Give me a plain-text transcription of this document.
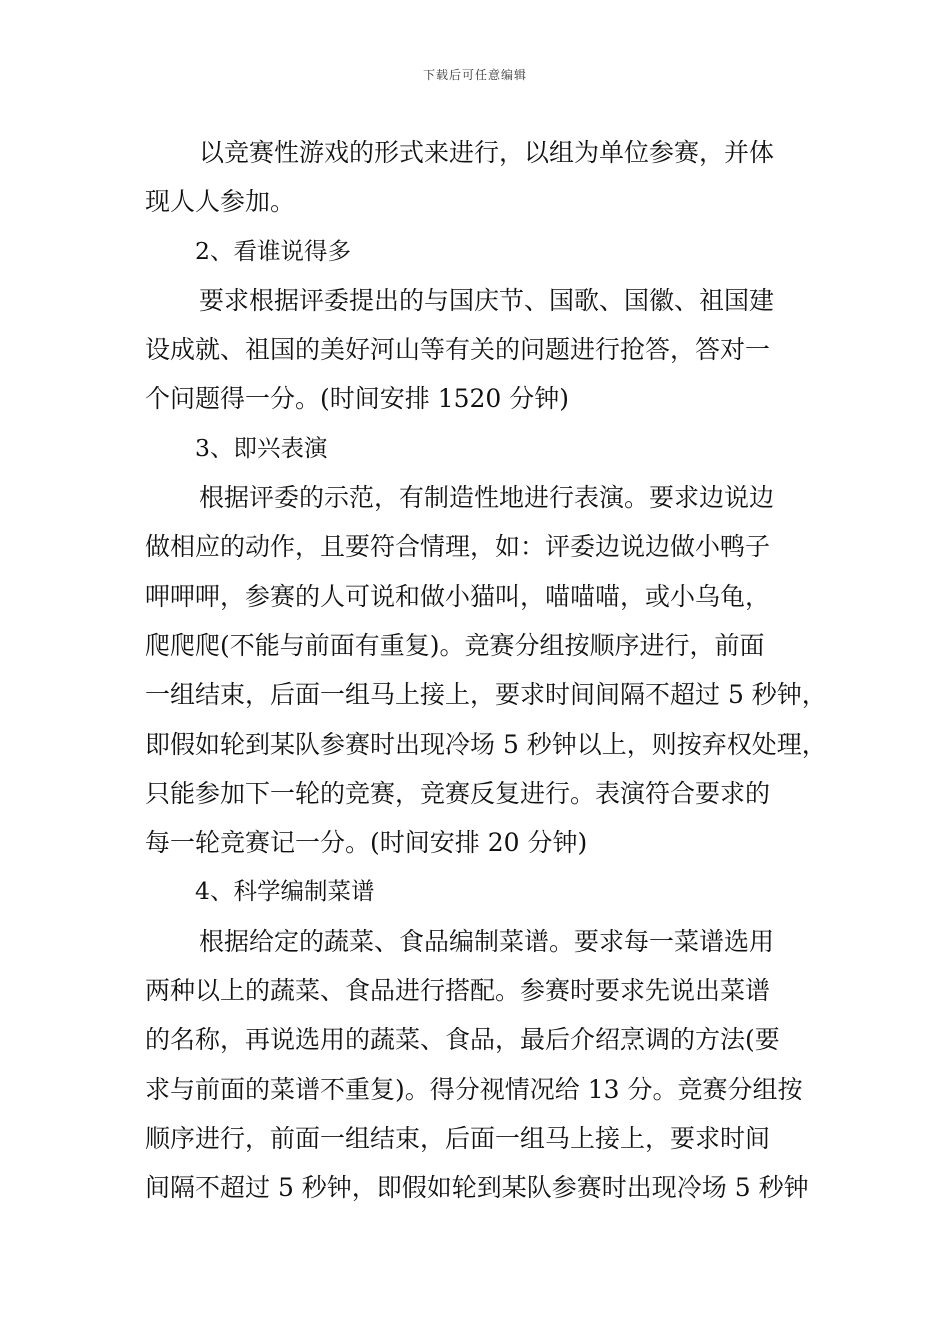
下载后可任意编辑
以竞赛性游戏的形式来进行，以组为单位参赛，并体
现人人参加。
2、看谁说得多
要求根据评委提出的与国庆节、国歌、国徽、祖国建
设成就、祖国的美好河山等有关的问题进行抢答，答对一
个问题得一分。(时间安排 1520 分钟)
3、即兴表演
根据评委的示范，有制造性地进行表演。要求边说边
做相应的动作，且要符合情理，如：评委边说边做小鸭子
呷呷呷，参赛的人可说和做小猫叫，喵喵喵，或小乌龟，
爬爬爬(不能与前面有重复)。竞赛分组按顺序进行，前面
一组结束，后面一组马上接上，要求时间间隔不超过 5 秒钟，
即假如轮到某队参赛时出现冷场 5 秒钟以上，则按弃权处理，
只能参加下一轮的竞赛，竞赛反复进行。表演符合要求的
每一轮竞赛记一分。(时间安排 20 分钟)
4、科学编制菜谱
根据给定的蔬菜、食品编制菜谱。要求每一菜谱选用
两种以上的蔬菜、食品进行搭配。参赛时要求先说出菜谱
的名称，再说选用的蔬菜、食品，最后介绍烹调的方法(要
求与前面的菜谱不重复)。得分视情况给 13 分。竞赛分组按
顺序进行，前面一组结束，后面一组马上接上，要求时间
间隔不超过 5 秒钟，即假如轮到某队参赛时出现冷场 5 秒钟
